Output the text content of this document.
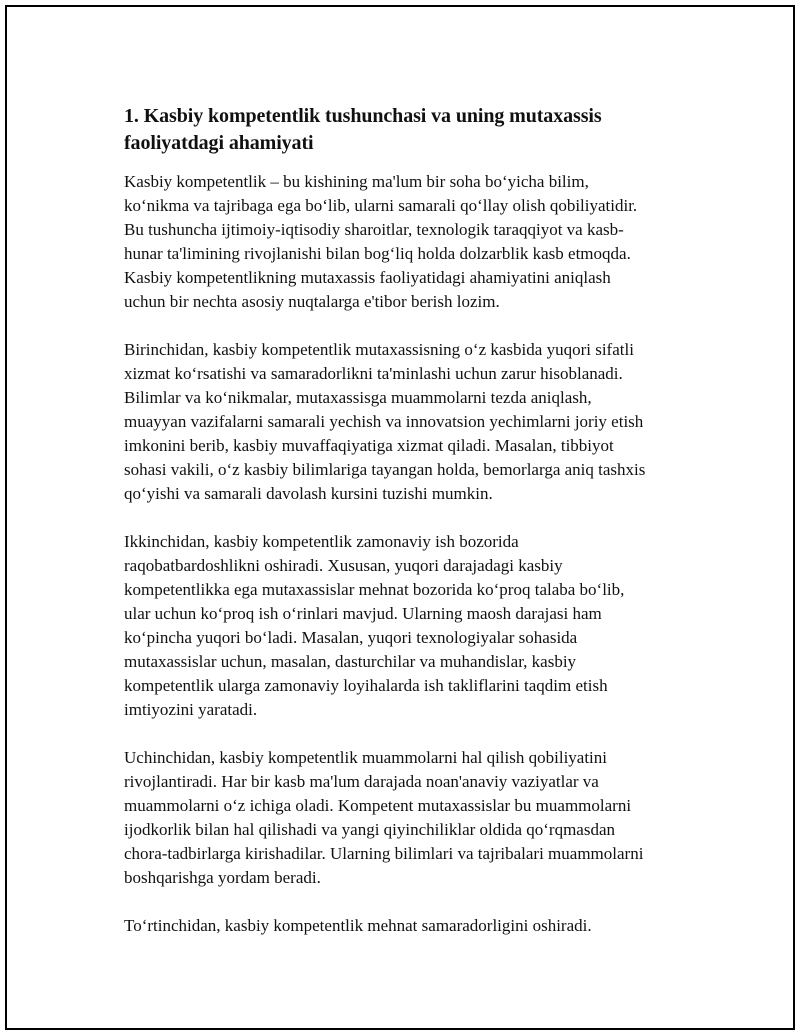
1. Kasbiy kompetentlik tushunchasi va uning mutaxassis
faoliyatdagi ahamiyati

Kasbiy kompetentlik – bu kishining ma'lum bir soha boʻyicha bilim,
koʻnikma va tajribaga ega boʻlib, ularni samarali qoʻllay olish qobiliyatidir.
Bu tushuncha ijtimoiy-iqtisodiy sharoitlar, texnologik taraqqiyot va kasb-
hunar ta'limining rivojlanishi bilan bogʻliq holda dolzarblik kasb etmoqda.
Kasbiy kompetentlikning mutaxassis faoliyatidagi ahamiyatini aniqlash
uchun bir nechta asosiy nuqtalarga e'tibor berish lozim.

Birinchidan, kasbiy kompetentlik mutaxassisning oʻz kasbida yuqori sifatli
xizmat koʻrsatishi va samaradorlikni ta'minlashi uchun zarur hisoblanadi.
Bilimlar va koʻnikmalar, mutaxassisga muammolarni tezda aniqlash,
muayyan vazifalarni samarali yechish va innovatsion yechimlarni joriy etish
imkonini berib, kasbiy muvaffaqiyatiga xizmat qiladi. Masalan, tibbiyot
sohasi vakili, oʻz kasbiy bilimlariga tayangan holda, bemorlarga aniq tashxis
qoʻyishi va samarali davolash kursini tuzishi mumkin.

Ikkinchidan, kasbiy kompetentlik zamonaviy ish bozorida
raqobatbardoshlikni oshiradi. Xususan, yuqori darajadagi kasbiy
kompetentlikka ega mutaxassislar mehnat bozorida koʻproq talaba boʻlib,
ular uchun koʻproq ish oʻrinlari mavjud. Ularning maosh darajasi ham
koʻpincha yuqori boʻladi. Masalan, yuqori texnologiyalar sohasida
mutaxassislar uchun, masalan, dasturchilar va muhandislar, kasbiy
kompetentlik ularga zamonaviy loyihalarda ish takliflarini taqdim etish
imtiyozini yaratadi.

Uchinchidan, kasbiy kompetentlik muammolarni hal qilish qobiliyatini
rivojlantiradi. Har bir kasb ma'lum darajada noan'anaviy vaziyatlar va
muammolarni oʻz ichiga oladi. Kompetent mutaxassislar bu muammolarni
ijodkorlik bilan hal qilishadi va yangi qiyinchiliklar oldida qoʻrqmasdan
chora-tadbirlarga kirishadilar. Ularning bilimlari va tajribalari muammolarni
boshqarishga yordam beradi.

Toʻrtinchidan, kasbiy kompetentlik mehnat samaradorligini oshiradi.
